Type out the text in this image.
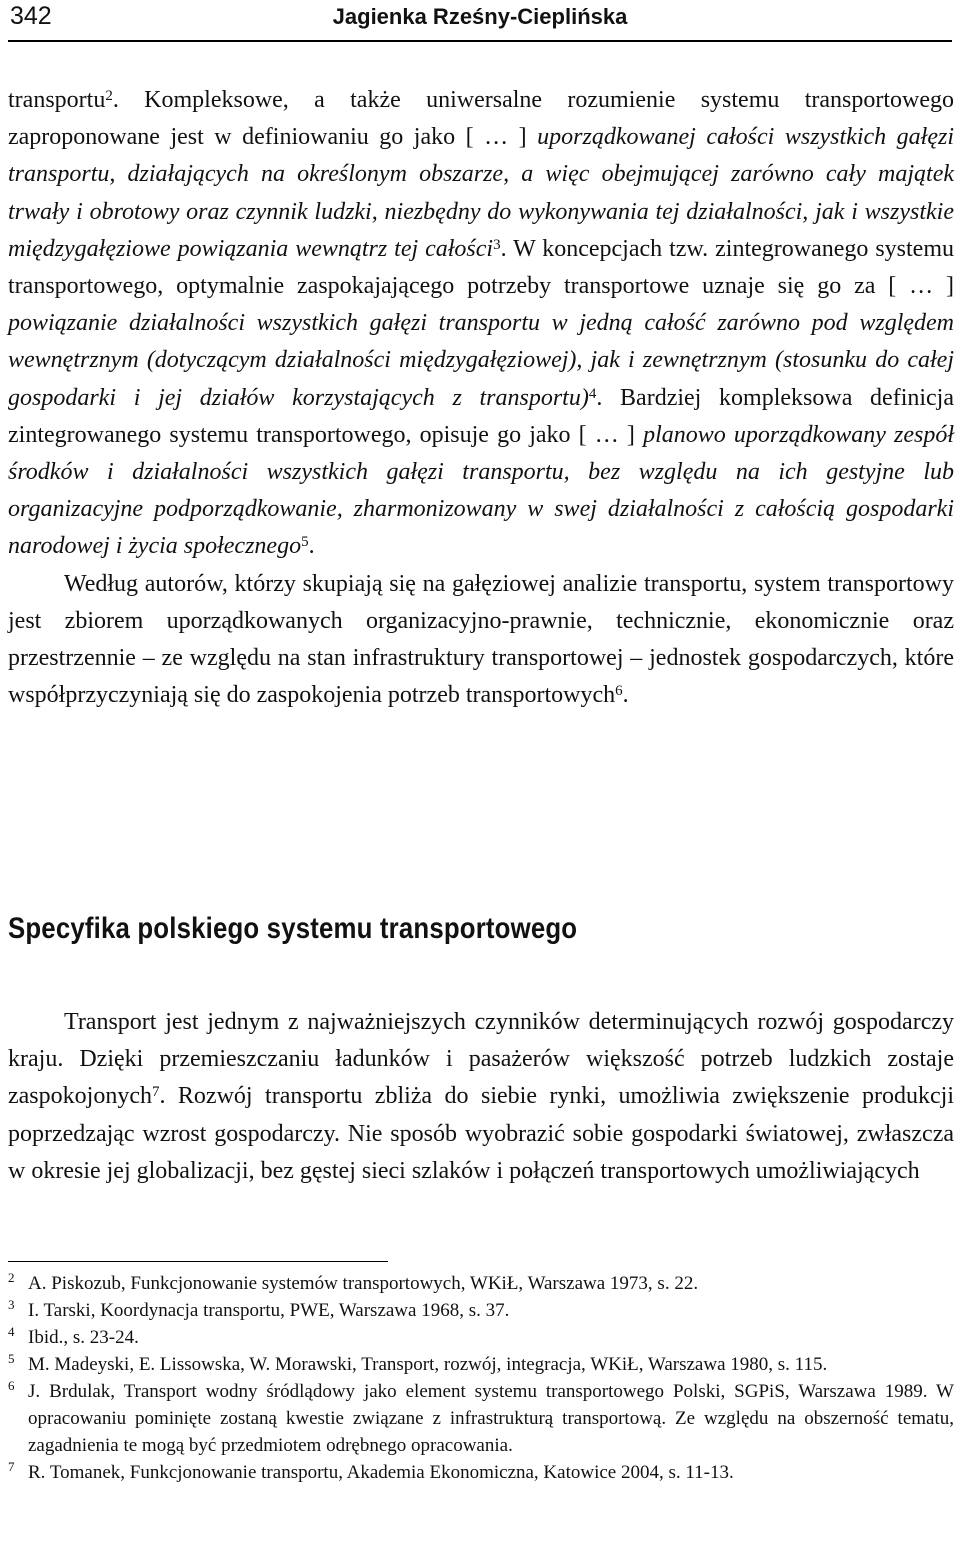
342	Jagienka Rześny-Cieplińska

transportu$^2$. Kompleksowe, a także uniwersalne rozumienie systemu transportowego zaproponowane jest w definiowaniu go jako [ … ] uporządkowanej całości wszystkich gałęzi transportu, działających na określonym obszarze, a więc obejmującej zarówno cały majątek trwały i obrotowy oraz czynnik ludzki, niezbędny do wykonywania tej działalności, jak i wszystkie międzygałęziowe powiązania wewnątrz tej całości$^3$. W koncepcjach tzw. zintegrowanego systemu transportowego, optymalnie zaspokajającego potrzeby transportowe uznaje się go za [ … ] powiązanie działalności wszystkich gałęzi transportu w jedną całość zarówno pod względem wewnętrznym (dotyczącym działalności międzygałęziowej), jak i zewnętrznym (stosunku do całej gospodarki i jej działów korzystających z transportu)$^4$. Bardziej kompleksowa definicja zintegrowanego systemu transportowego, opisuje go jako [ … ] planowo uporządkowany zespół środków i działalności wszystkich gałęzi transportu, bez względu na ich gestyjne lub organizacyjne podporządkowanie, zharmonizowany w swej działalności z całością gospodarki narodowej i życia społecznego$^5$.

Według autorów, którzy skupiają się na gałęziowej analizie transportu, system transportowy jest zbiorem uporządkowanych organizacyjno-prawnie, technicznie, ekonomicznie oraz przestrzennie – ze względu na stan infrastruktury transportowej – jednostek gospodarczych, które współprzyczyniają się do zaspokojenia potrzeb transportowych$^6$.

Specyfika polskiego systemu transportowego

Transport jest jednym z najważniejszych czynników determinujących rozwój gospodarczy kraju. Dzięki przemieszczaniu ładunków i pasażerów większość potrzeb ludzkich zostaje zaspokojonych$^7$. Rozwój transportu zbliża do siebie rynki, umożliwia zwiększenie produkcji poprzedzając wzrost gospodarczy. Nie sposób wyobrazić sobie gospodarki światowej, zwłaszcza w okresie jej globalizacji, bez gęstej sieci szlaków i połączeń transportowych umożliwiających

2 A. Piskozub, Funkcjonowanie systemów transportowych, WKiŁ, Warszawa 1973, s. 22.
3 I. Tarski, Koordynacja transportu, PWE, Warszawa 1968, s. 37.
4 Ibid., s. 23-24.
5 M. Madeyski, E. Lissowska, W. Morawski, Transport, rozwój, integracja, WKiŁ, Warszawa 1980, s. 115.
6 J. Brdulak, Transport wodny śródlądowy jako element systemu transportowego Polski, SGPiS, Warszawa 1989. W opracowaniu pominięte zostaną kwestie związane z infrastrukturą transportową. Ze względu na obszerność tematu, zagadnienia te mogą być przedmiotem odrębnego opracowania.
7 R. Tomanek, Funkcjonowanie transportu, Akademia Ekonomiczna, Katowice 2004, s. 11-13.
